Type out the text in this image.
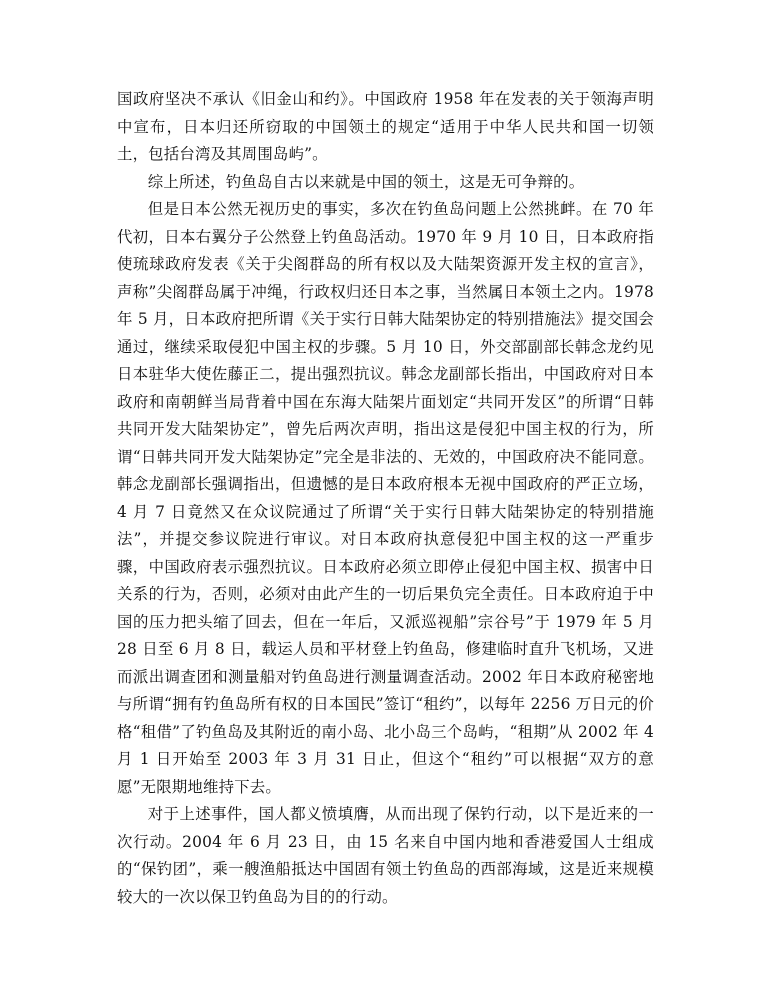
国政府坚决不承认《旧金山和约》。中国政府 1958 年在发表的关于领海声明中宣布，日本归还所窃取的中国领土的规定“适用于中华人民共和国一切领土，包括台湾及其周围岛屿”。

综上所述，钓鱼岛自古以来就是中国的领土，这是无可争辩的。

但是日本公然无视历史的事实，多次在钓鱼岛问题上公然挑衅。在 70 年代初，日本右翼分子公然登上钓鱼岛活动。1970 年 9 月 10 日，日本政府指使琉球政府发表《关于尖阁群岛的所有权以及大陆架资源开发主权的宣言》，声称”尖阁群岛属于冲绳，行政权归还日本之事，当然属日本领土之内。1978 年 5 月，日本政府把所谓《关于实行日韩大陆架协定的特别措施法》提交国会通过，继续采取侵犯中国主权的步骤。5 月 10 日，外交部副部长韩念龙约见日本驻华大使佐藤正二，提出强烈抗议。韩念龙副部长指出，中国政府对日本政府和南朝鲜当局背着中国在东海大陆架片面划定“共同开发区”的所谓“日韩共同开发大陆架协定”，曾先后两次声明，指出这是侵犯中国主权的行为，所谓“日韩共同开发大陆架协定”完全是非法的、无效的，中国政府决不能同意。韩念龙副部长强调指出，但遗憾的是日本政府根本无视中国政府的严正立场，4 月 7 日竟然又在众议院通过了所谓“关于实行日韩大陆架协定的特别措施法”，并提交参议院进行审议。对日本政府执意侵犯中国主权的这一严重步骤，中国政府表示强烈抗议。日本政府必须立即停止侵犯中国主权、损害中日关系的行为，否则，必须对由此产生的一切后果负完全责任。日本政府迫于中国的压力把头缩了回去，但在一年后，又派巡视船”宗谷号”于 1979 年 5 月 28 日至 6 月 8 日，载运人员和平材登上钓鱼岛，修建临时直升飞机场，又进而派出调查团和测量船对钓鱼岛进行测量调查活动。2002 年日本政府秘密地与所谓“拥有钓鱼岛所有权的日本国民”签订“租约”，以每年 2256 万日元的价格“租借”了钓鱼岛及其附近的南小岛、北小岛三个岛屿，“租期”从 2002 年 4 月 1 日开始至 2003 年 3 月 31 日止，但这个“租约”可以根据“双方的意愿”无限期地维持下去。

对于上述事件，国人都义愤填膺，从而出现了保钓行动，以下是近来的一次行动。2004 年 6 月 23 日，由 15 名来自中国内地和香港爱国人士组成的“保钓团”，乘一艘渔船抵达中国固有领土钓鱼岛的西部海域，这是近来规模较大的一次以保卫钓鱼岛为目的的行动。
